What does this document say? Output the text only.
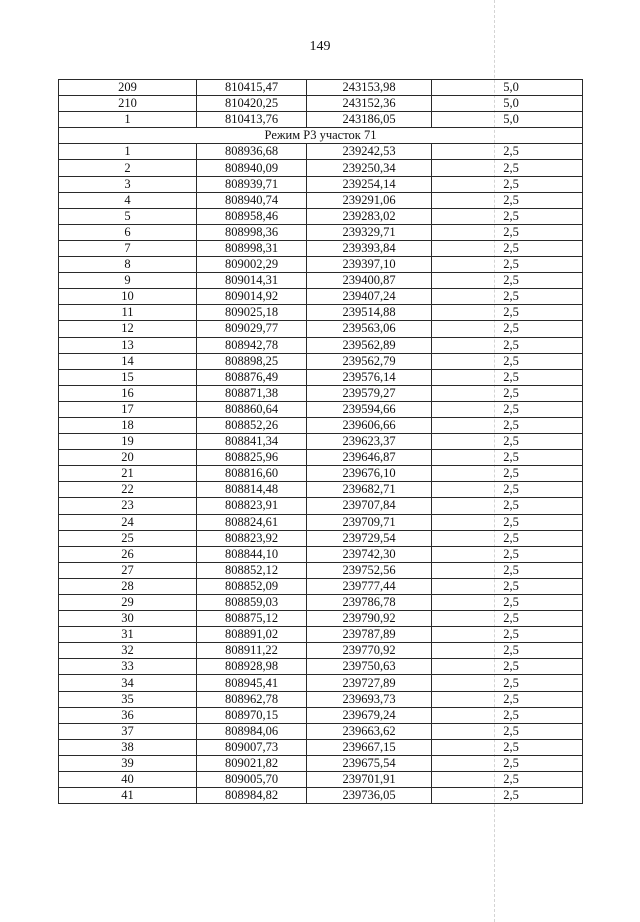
149
209	810415,47	243153,98	5,0
210	810420,25	243152,36	5,0
1	810413,76	243186,05	5,0
Режим Р3 участок 71			
1	808936,68	239242,53	2,5
2	808940,09	239250,34	2,5
3	808939,71	239254,14	2,5
4	808940,74	239291,06	2,5
5	808958,46	239283,02	2,5
6	808998,36	239329,71	2,5
7	808998,31	239393,84	2,5
8	809002,29	239397,10	2,5
9	809014,31	239400,87	2,5
10	809014,92	239407,24	2,5
11	809025,18	239514,88	2,5
12	809029,77	239563,06	2,5
13	808942,78	239562,89	2,5
14	808898,25	239562,79	2,5
15	808876,49	239576,14	2,5
16	808871,38	239579,27	2,5
17	808860,64	239594,66	2,5
18	808852,26	239606,66	2,5
19	808841,34	239623,37	2,5
20	808825,96	239646,87	2,5
21	808816,60	239676,10	2,5
22	808814,48	239682,71	2,5
23	808823,91	239707,84	2,5
24	808824,61	239709,71	2,5
25	808823,92	239729,54	2,5
26	808844,10	239742,30	2,5
27	808852,12	239752,56	2,5
28	808852,09	239777,44	2,5
29	808859,03	239786,78	2,5
30	808875,12	239790,92	2,5
31	808891,02	239787,89	2,5
32	808911,22	239770,92	2,5
33	808928,98	239750,63	2,5
34	808945,41	239727,89	2,5
35	808962,78	239693,73	2,5
36	808970,15	239679,24	2,5
37	808984,06	239663,62	2,5
38	809007,73	239667,15	2,5
39	809021,82	239675,54	2,5
40	809005,70	239701,91	2,5
41	808984,82	239736,05	2,5
